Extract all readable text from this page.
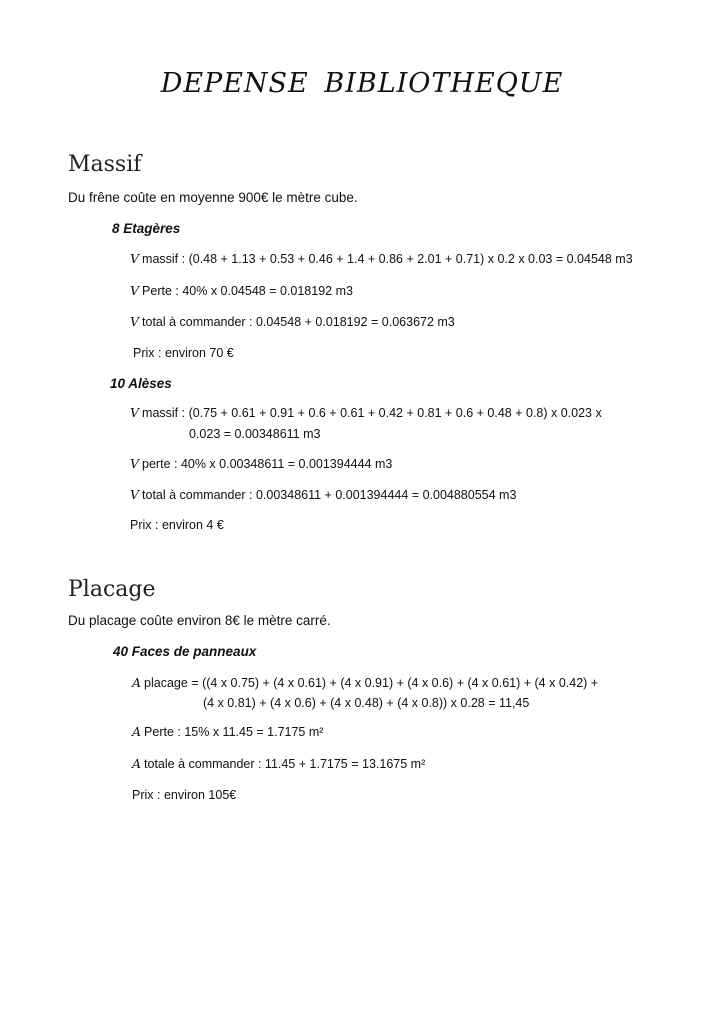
DEPENSE BIBLIOTHEQUE
Massif
Du frêne coûte en moyenne 900€ le mètre cube.
8 Etagères
V massif : (0.48 + 1.13 + 0.53 + 0.46 + 1.4 + 0.86 + 2.01 + 0.71) x 0.2 x 0.03 = 0.04548 m3
V Perte : 40% x 0.04548 = 0.018192 m3
V total à commander : 0.04548 + 0.018192 = 0.063672 m3
Prix : environ 70 €
10 Alèses
V massif : (0.75 + 0.61 + 0.91 + 0.6 + 0.61 + 0.42 + 0.81 + 0.6 + 0.48 + 0.8) x 0.023 x
0.023 = 0.00348611 m3
V perte : 40% x 0.00348611 = 0.001394444 m3
V total à commander : 0.00348611 + 0.001394444 = 0.004880554 m3
Prix : environ 4 €
Placage
Du placage coûte environ 8€ le mètre carré.
40 Faces de panneaux
A placage = ((4 x 0.75) + (4 x 0.61) + (4 x 0.91) + (4 x 0.6) + (4 x 0.61) + (4 x 0.42) +
(4 x 0.81) + (4 x 0.6) + (4 x 0.48) + (4 x 0.8)) x 0.28 = 11,45
A Perte : 15% x 11.45 = 1.7175 m²
A totale à commander : 11.45 + 1.7175 = 13.1675 m²
Prix : environ 105€
